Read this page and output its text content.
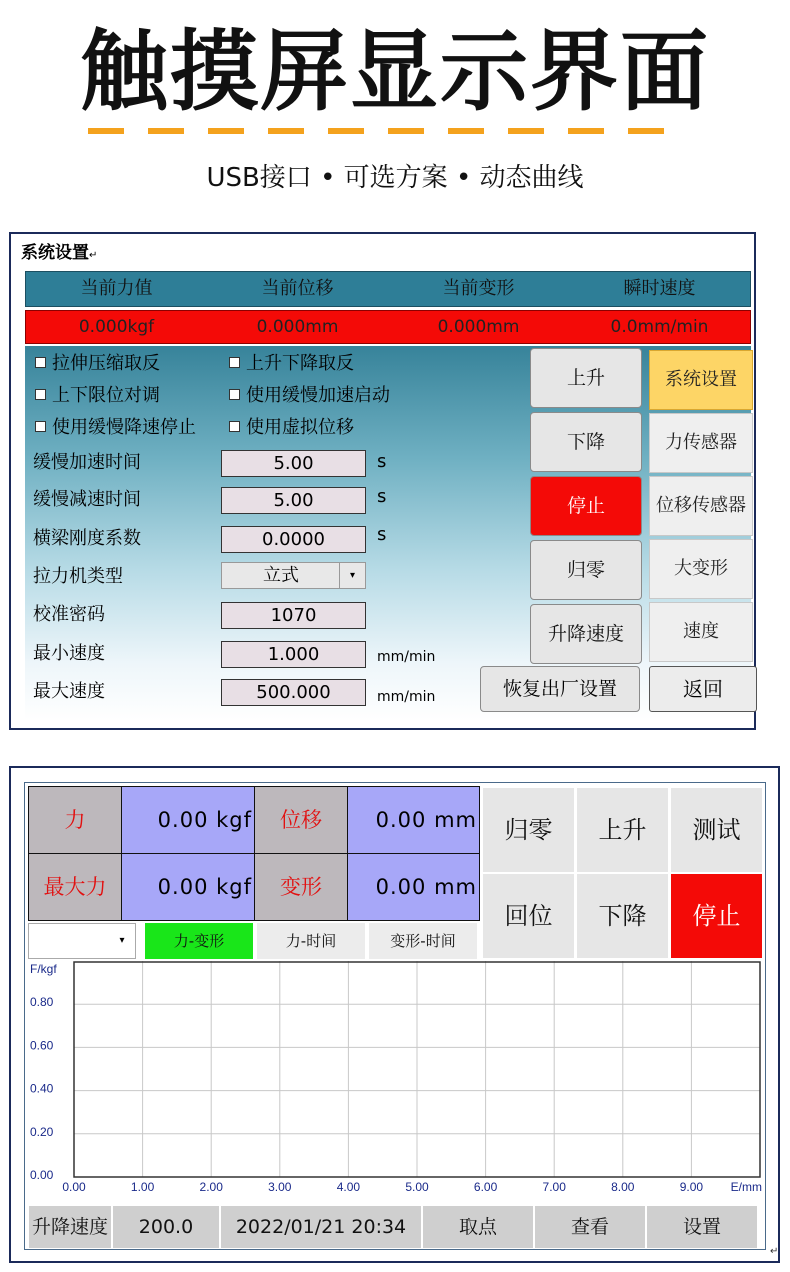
触摸屏显示界面
USB接口 • 可选方案 • 动态曲线
系统设置↵
当前力值	当前位移	当前变形	瞬时速度
0.000kgf	0.000mm	0.000mm	0.0mm/min
拉伸压缩取反	上升下降取反
上下限位对调	使用缓慢加速启动
使用缓慢降速停止	使用虚拟位移
缓慢加速时间	5.00	s
缓慢减速时间	5.00	s
横梁刚度系数	0.0000	s
拉力机类型	立式	▾
校准密码	1070
最小速度	1.000	mm/min
最大速度	500.000	mm/min
上升
下降
停止
归零
升降速度
恢复出厂设置
系统设置
力传感器
位移传感器
大变形
速度
返回
力	0.00 kgf	位移	0.00 mm
最大力	0.00 kgf	变形	0.00 mm
归零	上升	测试
回位	下降	停止
▾	力-变形	力-时间	变形-时间
0.00
0.20
0.40
0.60
0.80
0.00	1.00	2.00	3.00	4.00	5.00	6.00	7.00	8.00	9.00
F/kgf
E/mm
升降速度	200.0	2022/01/21 20:34	取点	查看	设置
↵
